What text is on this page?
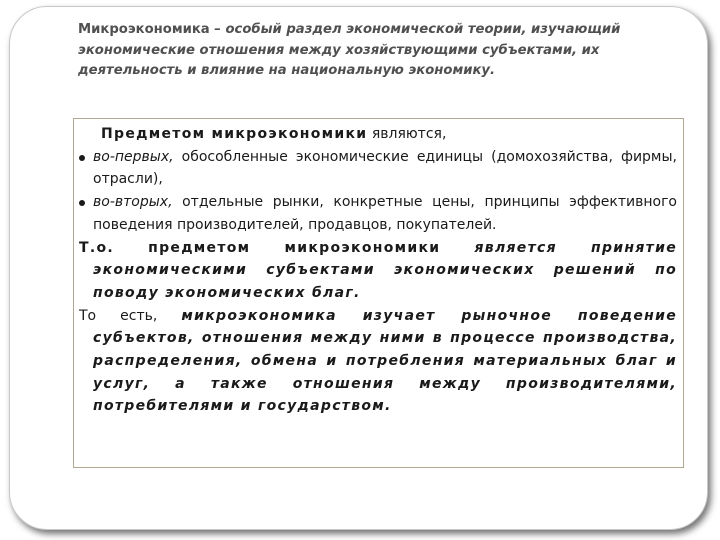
Микроэкономика – особый раздел экономической теории, изучающий экономические отношения между хозяйствующими субъектами, их деятельность и влияние на национальную экономику.

Предметом микроэкономики являются,

во-первых, обособленные экономические единицы (домохозяйства, фирмы, отрасли),

во-вторых, отдельные рынки, конкретные цены, принципы эффективного поведения производителей, продавцов, покупателей.

Т.о. предметом микроэкономики является принятие экономическими субъектами экономических решений по поводу экономических благ.

То есть, микроэкономика изучает рыночное поведение субъектов, отношения между ними в процессе производства, распределения, обмена и потребления материальных благ и услуг, а также отношения между производителями, потребителями и государством.
